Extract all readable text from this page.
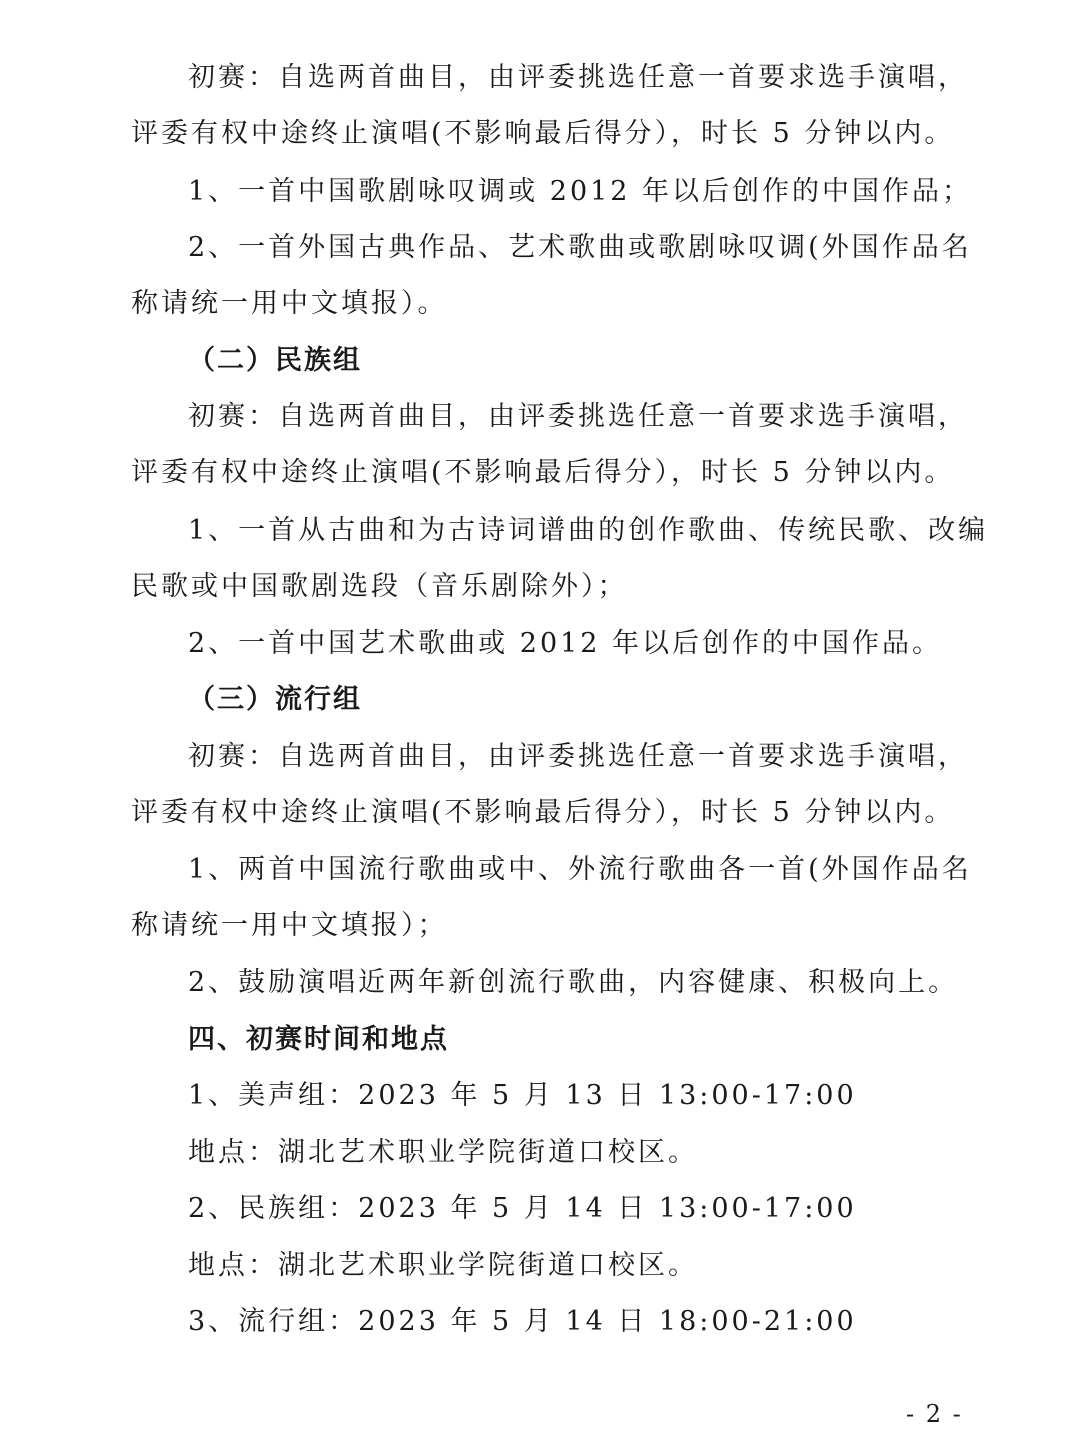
初赛：自选两首曲目，由评委挑选任意一首要求选手演唱，

评委有权中途终止演唱(不影响最后得分），时长 5 分钟以内。

1、一首中国歌剧咏叹调或 2012 年以后创作的中国作品；

2、一首外国古典作品、艺术歌曲或歌剧咏叹调(外国作品名

称请统一用中文填报）。

（二）民族组

初赛：自选两首曲目，由评委挑选任意一首要求选手演唱，

评委有权中途终止演唱(不影响最后得分），时长 5 分钟以内。

1、一首从古曲和为古诗词谱曲的创作歌曲、传统民歌、改编

民歌或中国歌剧选段（音乐剧除外）；

2、一首中国艺术歌曲或 2012 年以后创作的中国作品。

（三）流行组

初赛：自选两首曲目，由评委挑选任意一首要求选手演唱，

评委有权中途终止演唱(不影响最后得分），时长 5 分钟以内。

1、两首中国流行歌曲或中、外流行歌曲各一首(外国作品名

称请统一用中文填报）；

2、鼓励演唱近两年新创流行歌曲，内容健康、积极向上。

四、初赛时间和地点

1、美声组：2023 年 5 月 13 日 13:00-17:00

地点：湖北艺术职业学院街道口校区。

2、民族组：2023 年 5 月 14 日 13:00-17:00

地点：湖北艺术职业学院街道口校区。

3、流行组：2023 年 5 月 14 日 18:00-21:00

- 2 -
